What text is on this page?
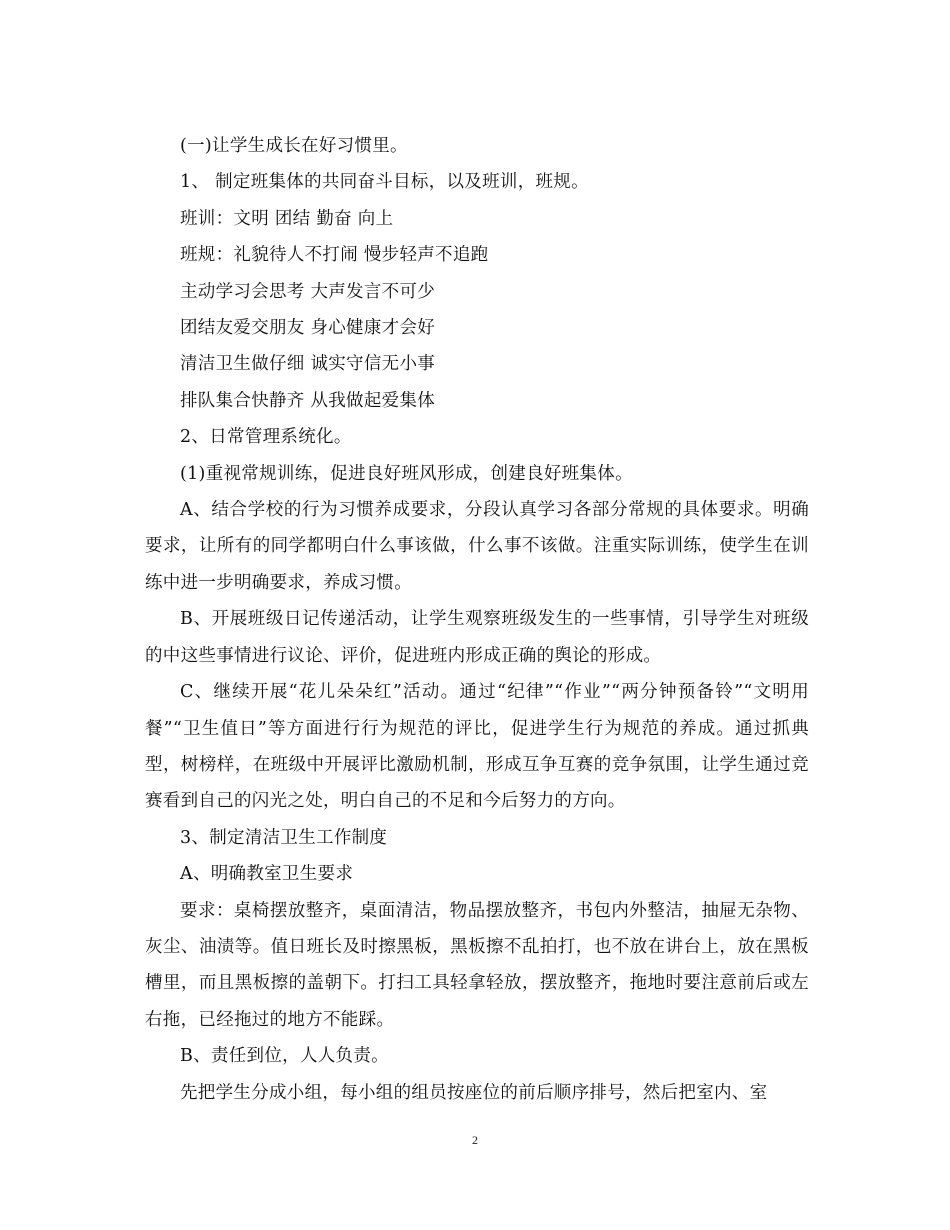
(一)让学生成长在好习惯里。

1、 制定班集体的共同奋斗目标，以及班训，班规。

班训：文明 团结 勤奋 向上

班规：礼貌待人不打闹 慢步轻声不追跑

主动学习会思考 大声发言不可少

团结友爱交朋友 身心健康才会好

清洁卫生做仔细 诚实守信无小事

排队集合快静齐 从我做起爱集体

2、日常管理系统化。

(1)重视常规训练，促进良好班风形成，创建良好班集体。

A、结合学校的行为习惯养成要求，分段认真学习各部分常规的具体要求。明确要求，让所有的同学都明白什么事该做，什么事不该做。注重实际训练，使学生在训练中进一步明确要求，养成习惯。

B、开展班级日记传递活动，让学生观察班级发生的一些事情，引导学生对班级的中这些事情进行议论、评价，促进班内形成正确的舆论的形成。

C、继续开展“花儿朵朵红”活动。通过“纪律”“作业”“两分钟预备铃”“文明用餐”“卫生值日”等方面进行行为规范的评比，促进学生行为规范的养成。通过抓典型，树榜样，在班级中开展评比激励机制，形成互争互赛的竞争氛围，让学生通过竞赛看到自己的闪光之处，明白自己的不足和今后努力的方向。

3、制定清洁卫生工作制度

A、明确教室卫生要求

要求：桌椅摆放整齐，桌面清洁，物品摆放整齐，书包内外整洁，抽屉无杂物、灰尘、油渍等。值日班长及时擦黑板，黑板擦不乱拍打，也不放在讲台上，放在黑板槽里，而且黑板擦的盖朝下。打扫工具轻拿轻放，摆放整齐，拖地时要注意前后或左右拖，已经拖过的地方不能踩。

B、责任到位，人人负责。

先把学生分成小组，每小组的组员按座位的前后顺序排号，然后把室内、室

2
